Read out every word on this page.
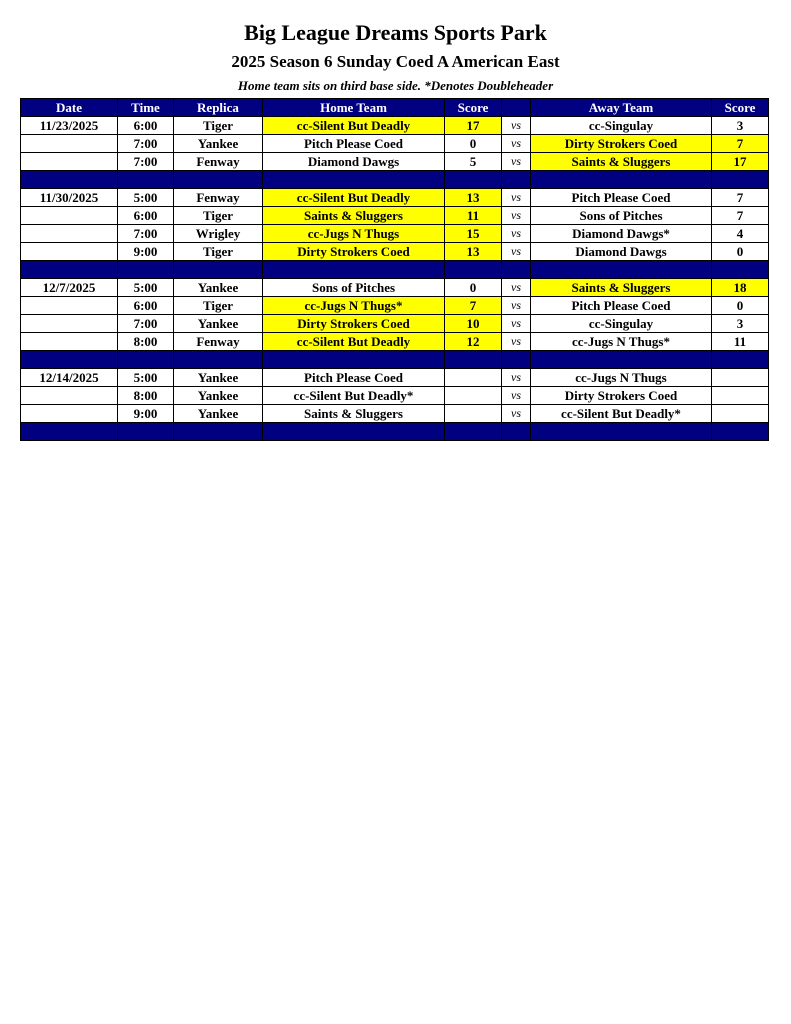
Big League Dreams Sports Park
2025 Season 6 Sunday Coed A American East
Home team sits on third base side. *Denotes Doubleheader
Date	Time	Replica	Home Team	Score		Away Team	Score
11/23/2025	6:00	Tiger	cc-Silent But Deadly	17	vs	cc-Singulay	3
	7:00	Yankee	Pitch Please Coed	0	vs	Dirty Strokers Coed	7
	7:00	Fenway	Diamond Dawgs	5	vs	Saints & Sluggers	17

11/30/2025	5:00	Fenway	cc-Silent But Deadly	13	vs	Pitch Please Coed	7
	6:00	Tiger	Saints & Sluggers	11	vs	Sons of Pitches	7
	7:00	Wrigley	cc-Jugs N Thugs	15	vs	Diamond Dawgs*	4
	9:00	Tiger	Dirty Strokers Coed	13	vs	Diamond Dawgs	0

12/7/2025	5:00	Yankee	Sons of Pitches	0	vs	Saints & Sluggers	18
	6:00	Tiger	cc-Jugs N Thugs*	7	vs	Pitch Please Coed	0
	7:00	Yankee	Dirty Strokers Coed	10	vs	cc-Singulay	3
	8:00	Fenway	cc-Silent But Deadly	12	vs	cc-Jugs N Thugs*	11

12/14/2025	5:00	Yankee	Pitch Please Coed		vs	cc-Jugs N Thugs	
	8:00	Yankee	cc-Silent But Deadly*		vs	Dirty Strokers Coed	
	9:00	Yankee	Saints & Sluggers		vs	cc-Silent But Deadly*	
